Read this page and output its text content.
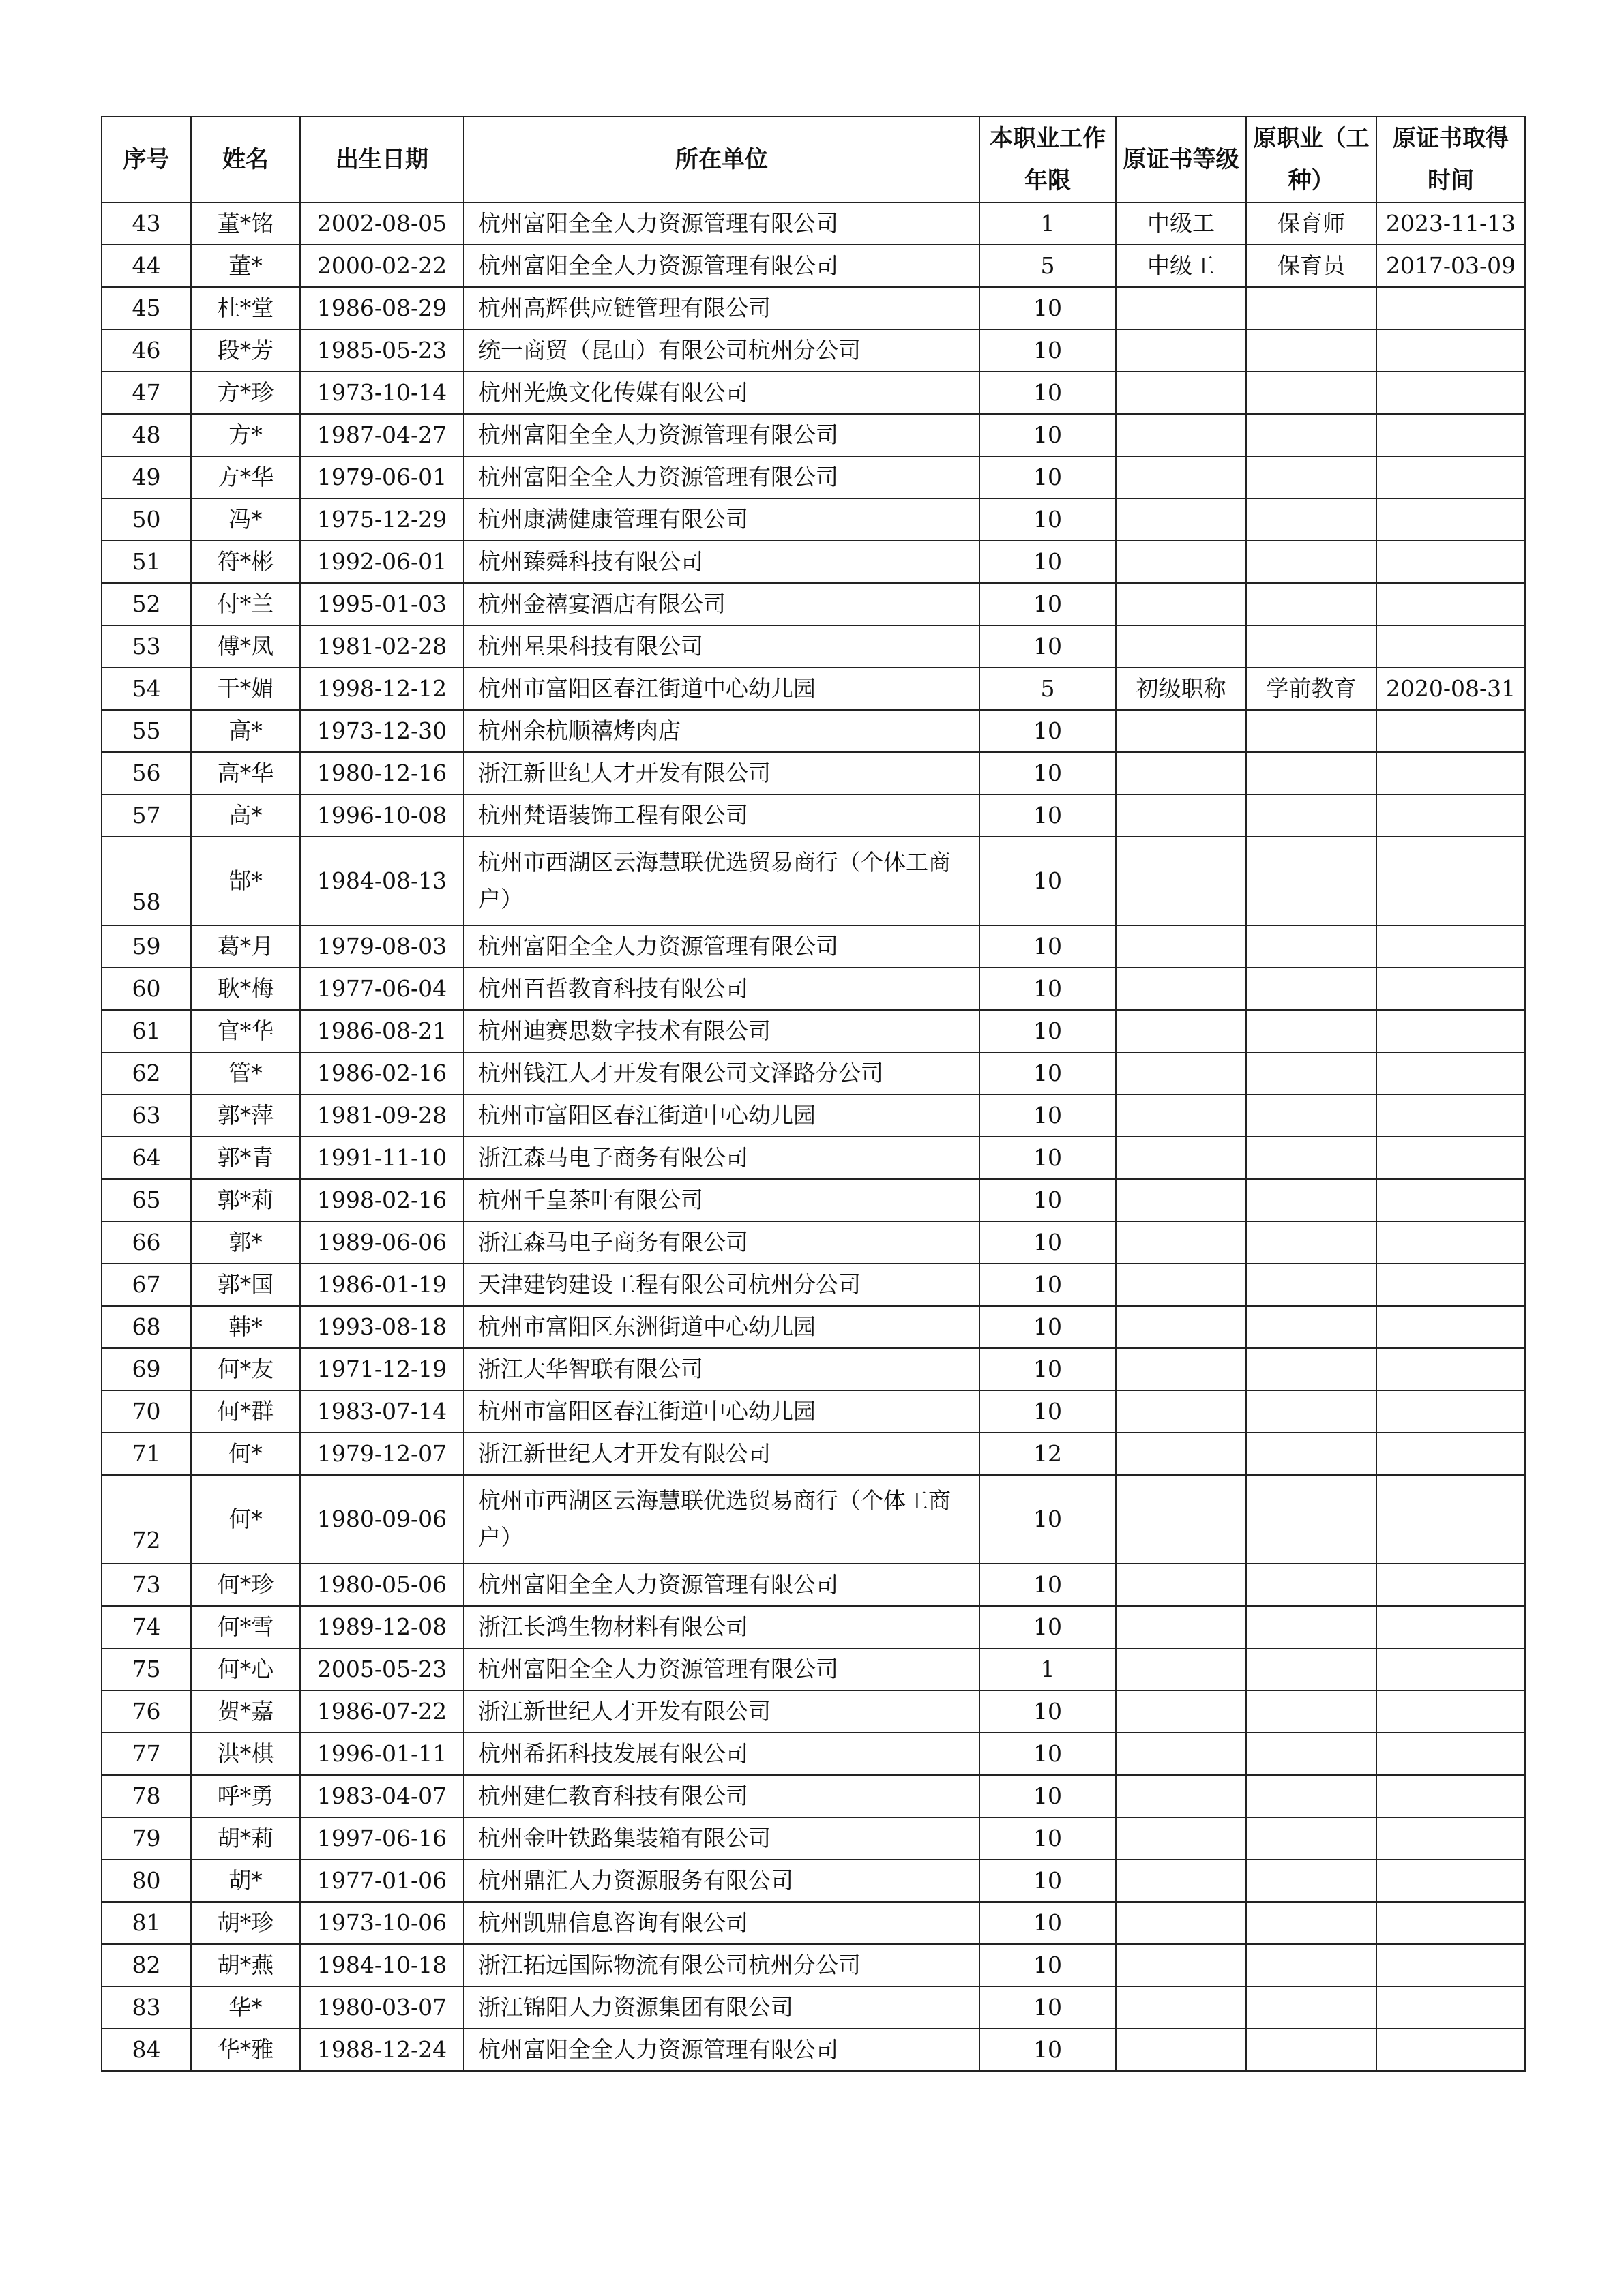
序号	姓名	出生日期	所在单位	本职业工作年限	原证书等级	原职业（工种）	原证书取得时间
43	董*铭	2002-08-05	杭州富阳全全人力资源管理有限公司	1	中级工	保育师	2023-11-13
44	董*	2000-02-22	杭州富阳全全人力资源管理有限公司	5	中级工	保育员	2017-03-09
45	杜*堂	1986-08-29	杭州高辉供应链管理有限公司	10			
46	段*芳	1985-05-23	统一商贸（昆山）有限公司杭州分公司	10			
47	方*珍	1973-10-14	杭州光焕文化传媒有限公司	10			
48	方*	1987-04-27	杭州富阳全全人力资源管理有限公司	10			
49	方*华	1979-06-01	杭州富阳全全人力资源管理有限公司	10			
50	冯*	1975-12-29	杭州康满健康管理有限公司	10			
51	符*彬	1992-06-01	杭州臻舜科技有限公司	10			
52	付*兰	1995-01-03	杭州金禧宴酒店有限公司	10			
53	傅*凤	1981-02-28	杭州星果科技有限公司	10			
54	干*媚	1998-12-12	杭州市富阳区春江街道中心幼儿园	5	初级职称	学前教育	2020-08-31
55	高*	1973-12-30	杭州余杭顺禧烤肉店	10			
56	高*华	1980-12-16	浙江新世纪人才开发有限公司	10			
57	高*	1996-10-08	杭州梵语装饰工程有限公司	10			
58	郜*	1984-08-13	杭州市西湖区云海慧联优选贸易商行（个体工商户）	10			
59	葛*月	1979-08-03	杭州富阳全全人力资源管理有限公司	10			
60	耿*梅	1977-06-04	杭州百哲教育科技有限公司	10			
61	官*华	1986-08-21	杭州迪赛思数字技术有限公司	10			
62	管*	1986-02-16	杭州钱江人才开发有限公司文泽路分公司	10			
63	郭*萍	1981-09-28	杭州市富阳区春江街道中心幼儿园	10			
64	郭*青	1991-11-10	浙江森马电子商务有限公司	10			
65	郭*莉	1998-02-16	杭州千皇茶叶有限公司	10			
66	郭*	1989-06-06	浙江森马电子商务有限公司	10			
67	郭*国	1986-01-19	天津建钧建设工程有限公司杭州分公司	10			
68	韩*	1993-08-18	杭州市富阳区东洲街道中心幼儿园	10			
69	何*友	1971-12-19	浙江大华智联有限公司	10			
70	何*群	1983-07-14	杭州市富阳区春江街道中心幼儿园	10			
71	何*	1979-12-07	浙江新世纪人才开发有限公司	12			
72	何*	1980-09-06	杭州市西湖区云海慧联优选贸易商行（个体工商户）	10			
73	何*珍	1980-05-06	杭州富阳全全人力资源管理有限公司	10			
74	何*雪	1989-12-08	浙江长鸿生物材料有限公司	10			
75	何*心	2005-05-23	杭州富阳全全人力资源管理有限公司	1			
76	贺*嘉	1986-07-22	浙江新世纪人才开发有限公司	10			
77	洪*棋	1996-01-11	杭州希拓科技发展有限公司	10			
78	呼*勇	1983-04-07	杭州建仁教育科技有限公司	10			
79	胡*莉	1997-06-16	杭州金叶铁路集装箱有限公司	10			
80	胡*	1977-01-06	杭州鼎汇人力资源服务有限公司	10			
81	胡*珍	1973-10-06	杭州凯鼎信息咨询有限公司	10			
82	胡*燕	1984-10-18	浙江拓远国际物流有限公司杭州分公司	10			
83	华*	1980-03-07	浙江锦阳人力资源集团有限公司	10			
84	华*雅	1988-12-24	杭州富阳全全人力资源管理有限公司	10			
